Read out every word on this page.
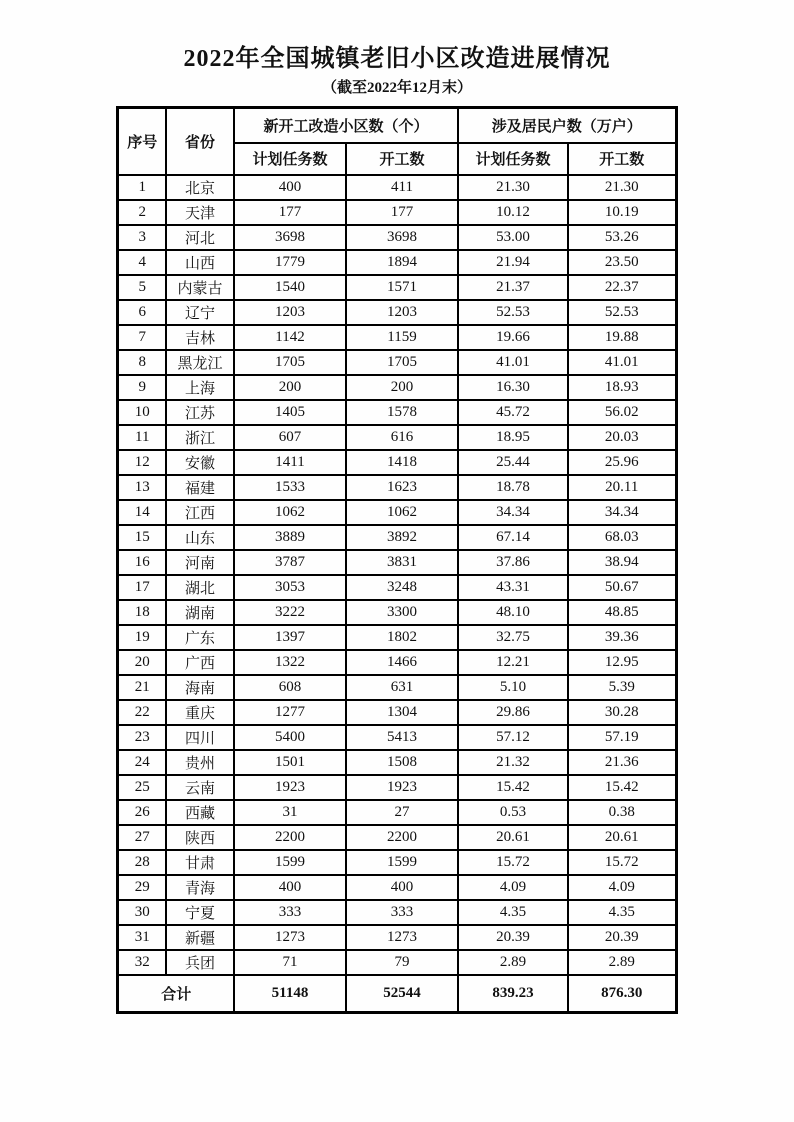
2022年全国城镇老旧小区改造进展情况
（截至2022年12月末）
序号	省份	新开工改造小区数（个）		涉及居民户数（万户）	
		计划任务数	开工数	计划任务数	开工数
1	北京	400	411	21.30	21.30
2	天津	177	177	10.12	10.19
3	河北	3698	3698	53.00	53.26
4	山西	1779	1894	21.94	23.50
5	内蒙古	1540	1571	21.37	22.37
6	辽宁	1203	1203	52.53	52.53
7	吉林	1142	1159	19.66	19.88
8	黑龙江	1705	1705	41.01	41.01
9	上海	200	200	16.30	18.93
10	江苏	1405	1578	45.72	56.02
11	浙江	607	616	18.95	20.03
12	安徽	1411	1418	25.44	25.96
13	福建	1533	1623	18.78	20.11
14	江西	1062	1062	34.34	34.34
15	山东	3889	3892	67.14	68.03
16	河南	3787	3831	37.86	38.94
17	湖北	3053	3248	43.31	50.67
18	湖南	3222	3300	48.10	48.85
19	广东	1397	1802	32.75	39.36
20	广西	1322	1466	12.21	12.95
21	海南	608	631	5.10	5.39
22	重庆	1277	1304	29.86	30.28
23	四川	5400	5413	57.12	57.19
24	贵州	1501	1508	21.32	21.36
25	云南	1923	1923	15.42	15.42
26	西藏	31	27	0.53	0.38
27	陕西	2200	2200	20.61	20.61
28	甘肃	1599	1599	15.72	15.72
29	青海	400	400	4.09	4.09
30	宁夏	333	333	4.35	4.35
31	新疆	1273	1273	20.39	20.39
32	兵团	71	79	2.89	2.89
合计		51148	52544	839.23	876.30
